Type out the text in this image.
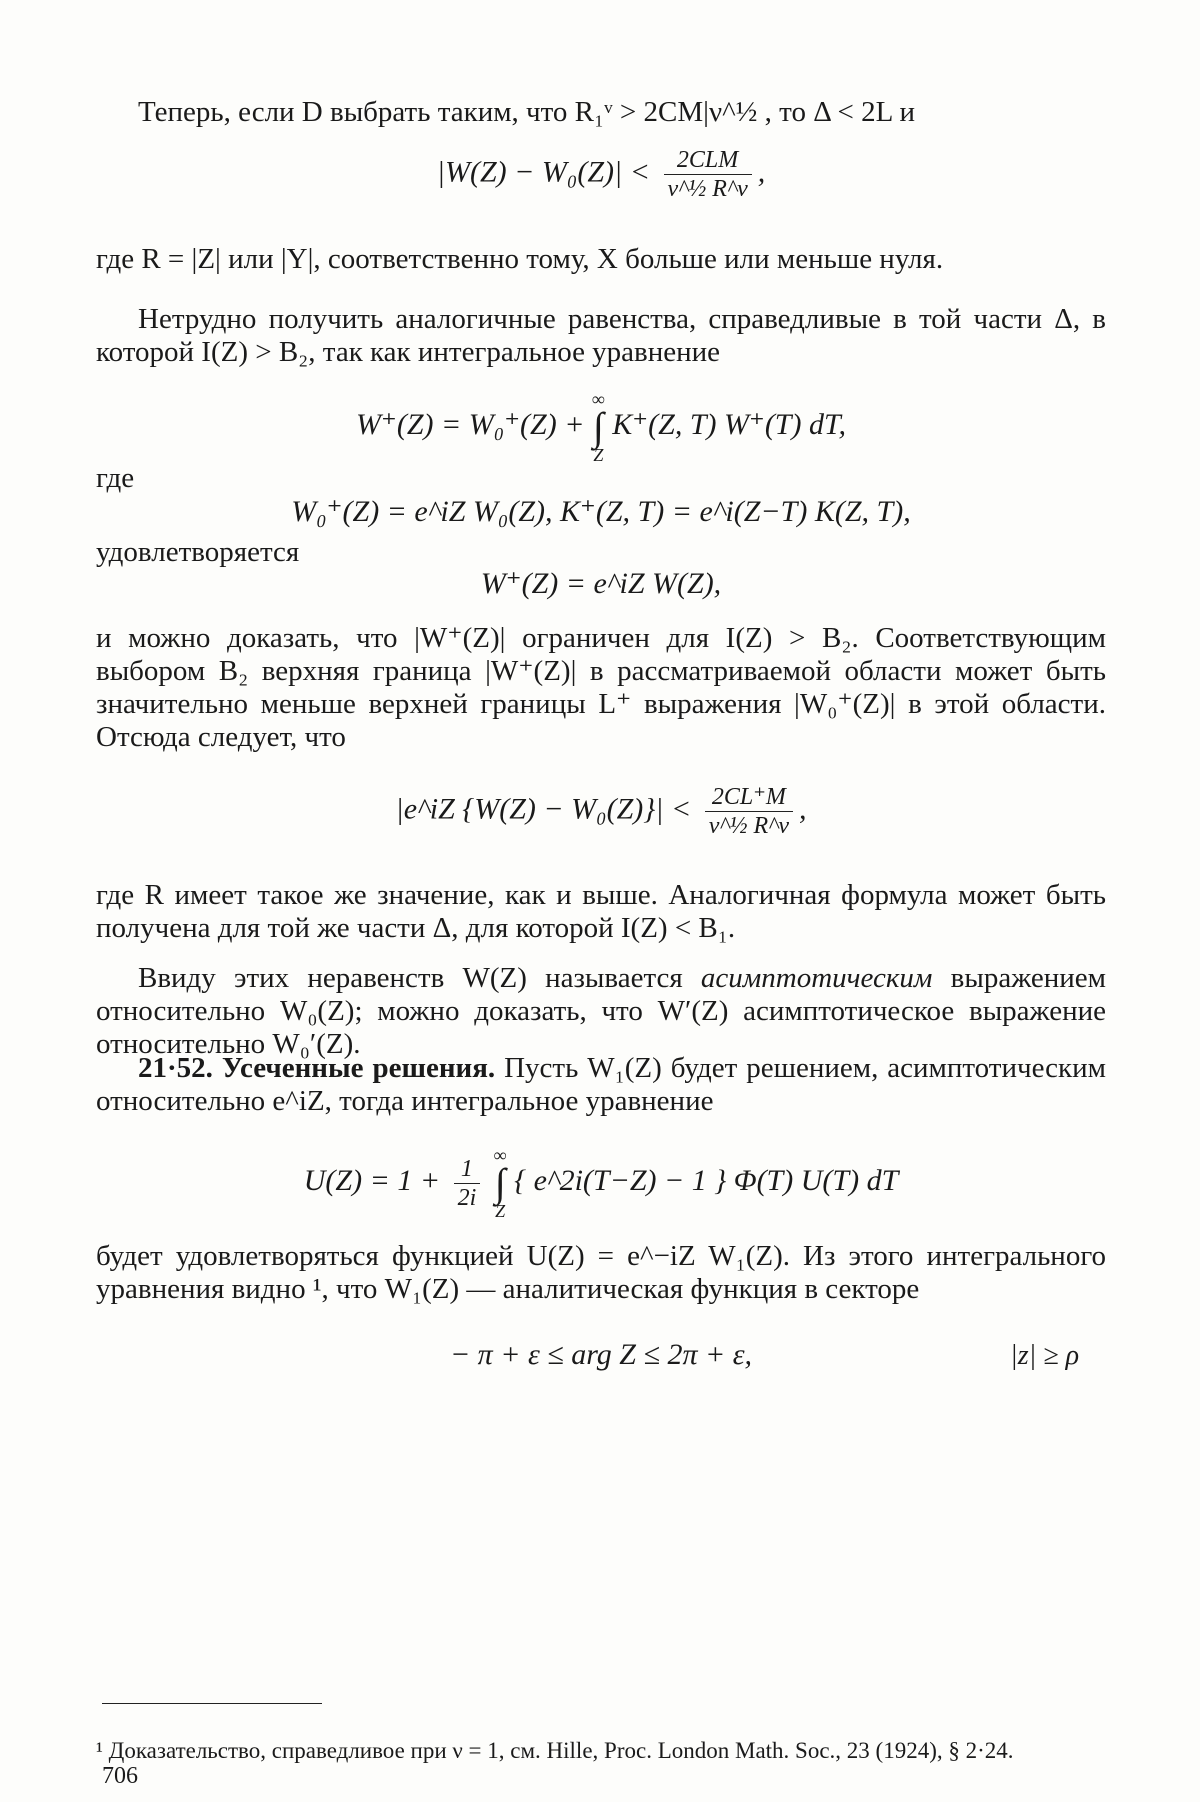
Теперь, если D выбрать таким, что R₁ᵛ > 2CM|ν^½ , то Δ < 2L и

$|W(Z) - W_0(Z)| < \frac{\text{2CLM}}{\text{ν\textasciicircum{}½ R\textasciicircum{}ν}}$ ,

где R = |Z| или |Y|, соответственно тому, X больше или меньше нуля.

Нетрудно получить аналогичные равенства, справедливые в той части Δ, в которой I(Z) > B₂, так как интегральное уравнение

W⁺(Z) = W₀⁺(Z) + ∞
∫
Z K⁺(Z, T) W⁺(T) dT,

где

W₀⁺(Z) = e^iZ W₀(Z), K⁺(Z, T) = e^i(Z−T) K(Z, T),

удовлетворяется

W⁺(Z) = e^iZ W(Z),

и можно доказать, что |W⁺(Z)| ограничен для I(Z) > B₂. Соответствующим выбором B₂ верхняя граница |W⁺(Z)| в рассматриваемой области может быть значительно меньше верхней границы L⁺ выражения |W₀⁺(Z)| в этой области. Отсюда следует, что

|e^iZ $\{W(Z) - W_0(Z)\}| < \frac{2CL^+M}{\text{ν\textasciicircum{}½ R\textasciicircum{}ν}}$ ,

где R имеет такое же значение, как и выше. Аналогичная формула может быть получена для той же части Δ, для которой I(Z) < B₁.

Ввиду этих неравенств W(Z) называется асимптотическим выражением относительно W₀(Z); можно доказать, что W′(Z) асимптотическое выражение относительно W₀′(Z).

21·52. Усеченные решения. Пусть W₁(Z) будет решением, асимптотическим относительно e^iZ, тогда интегральное уравнение

$U(Z) = 1 + \frac{1}{2i}$ ∞
∫
Z { e^2i(T−Z) − 1 } Φ(T) U(T) dT

будет удовлетворяться функцией U(Z) = e^−iZ W₁(Z). Из этого интегрального уравнения видно ¹, что W₁(Z) — аналитическая функция в секторе

− π + ε ≤ arg Z ≤ 2π + ε,	|z| ≥ ρ

¹ Доказательство, справедливое при ν = 1, см. Hille, Proc. London Math. Soc., 23 (1924), § 2·24.

706
